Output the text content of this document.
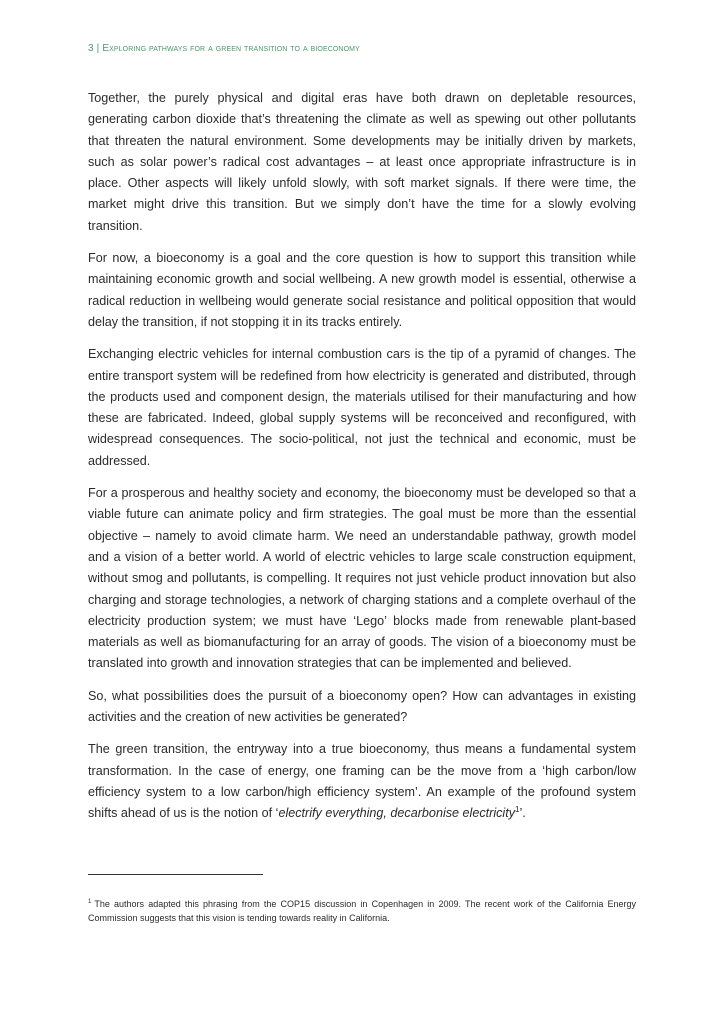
3 | Exploring pathways for a green transition to a bioeconomy

Together, the purely physical and digital eras have both drawn on depletable resources, generating carbon dioxide that’s threatening the climate as well as spewing out other pollutants that threaten the natural environment. Some developments may be initially driven by markets, such as solar power’s radical cost advantages – at least once appropriate infrastructure is in place. Other aspects will likely unfold slowly, with soft market signals. If there were time, the market might drive this transition. But we simply don’t have the time for a slowly evolving transition.

For now, a bioeconomy is a goal and the core question is how to support this transition while maintaining economic growth and social wellbeing. A new growth model is essential, otherwise a radical reduction in wellbeing would generate social resistance and political opposition that would delay the transition, if not stopping it in its tracks entirely.

Exchanging electric vehicles for internal combustion cars is the tip of a pyramid of changes. The entire transport system will be redefined from how electricity is generated and distributed, through the products used and component design, the materials utilised for their manufacturing and how these are fabricated. Indeed, global supply systems will be reconceived and reconfigured, with widespread consequences. The socio-political, not just the technical and economic, must be addressed.

For a prosperous and healthy society and economy, the bioeconomy must be developed so that a viable future can animate policy and firm strategies. The goal must be more than the essential objective – namely to avoid climate harm. We need an understandable pathway, growth model and a vision of a better world. A world of electric vehicles to large scale construction equipment, without smog and pollutants, is compelling. It requires not just vehicle product innovation but also charging and storage technologies, a network of charging stations and a complete overhaul of the electricity production system; we must have ‘Lego’ blocks made from renewable plant-based materials as well as biomanufacturing for an array of goods. The vision of a bioeconomy must be translated into growth and innovation strategies that can be implemented and believed.

So, what possibilities does the pursuit of a bioeconomy open? How can advantages in existing activities and the creation of new activities be generated?

The green transition, the entryway into a true bioeconomy, thus means a fundamental system transformation. In the case of energy, one framing can be the move from a ‘high carbon/low efficiency system to a low carbon/high efficiency system’. An example of the profound system shifts ahead of us is the notion of ‘electrify everything, decarbonise electricity$^1$’.

$^1$ The authors adapted this phrasing from the COP15 discussion in Copenhagen in 2009. The recent work of the California Energy Commission suggests that this vision is tending towards reality in California.
